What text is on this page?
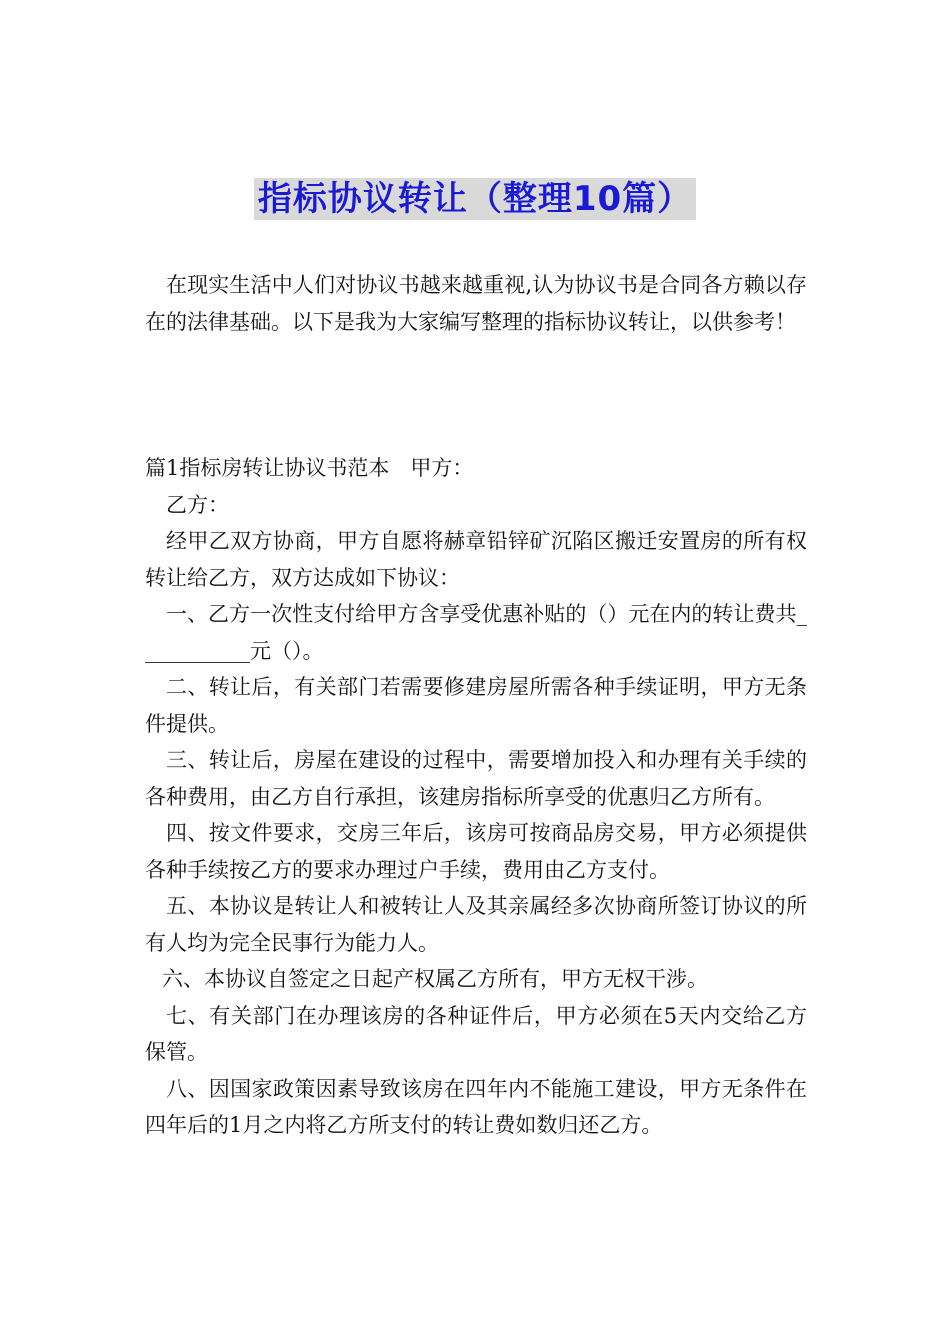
指标协议转让（整理10篇）

在现实生活中人们对协议书越来越重视,认为协议书是合同各方赖以存在的法律基础。以下是我为大家编写整理的指标协议转让，以供参考！

篇1指标房转让协议书范本　甲方：

乙方：

经甲乙双方协商，甲方自愿将赫章铅锌矿沉陷区搬迁安置房的所有权转让给乙方，双方达成如下协议：

一、乙方一次性支付给甲方含享受优惠补贴的（）元在内的转让费共___________元（）。

二、转让后，有关部门若需要修建房屋所需各种手续证明，甲方无条件提供。

三、转让后，房屋在建设的过程中，需要增加投入和办理有关手续的各种费用，由乙方自行承担，该建房指标所享受的优惠归乙方所有。

四、按文件要求，交房三年后，该房可按商品房交易，甲方必须提供各种手续按乙方的要求办理过户手续，费用由乙方支付。

五、本协议是转让人和被转让人及其亲属经多次协商所签订协议的所有人均为完全民事行为能力人。

六、本协议自签定之日起产权属乙方所有，甲方无权干涉。

七、有关部门在办理该房的各种证件后，甲方必须在5天内交给乙方保管。

八、因国家政策因素导致该房在四年内不能施工建设，甲方无条件在四年后的1月之内将乙方所支付的转让费如数归还乙方。
